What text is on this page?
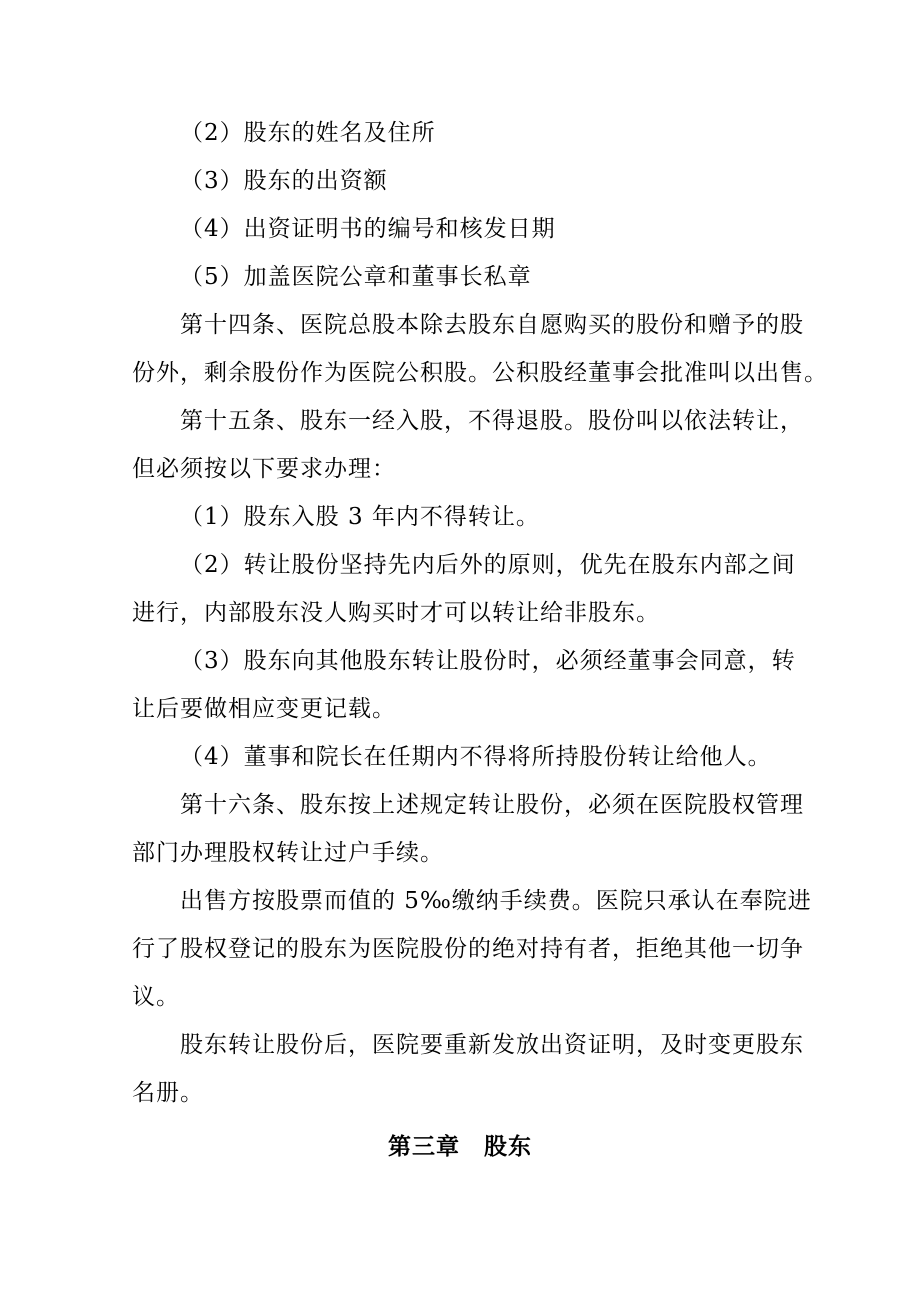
（2）股东的姓名及住所
（3）股东的出资额
（4）出资证明书的编号和核发日期
（5）加盖医院公章和董事长私章
第十四条、医院总股本除去股东自愿购买的股份和赠予的股
份外，剩余股份作为医院公积股。公积股经董事会批准叫以出售。
第十五条、股东一经入股，不得退股。股份叫以依法转让，
但必须按以下要求办理：
（1）股东入股 3 年内不得转让。
（2）转让股份坚持先内后外的原则，优先在股东内部之间
进行，内部股东没人购买时才可以转让给非股东。
（3）股东向其他股东转让股份时，必须经董事会同意，转
让后要做相应变更记载。
（4）董事和院长在任期内不得将所持股份转让给他人。
第十六条、股东按上述规定转让股份，必须在医院股权管理
部门办理股权转让过户手续。
出售方按股票而值的 5‰缴纳手续费。医院只承认在奉院进
行了股权登记的股东为医院股份的绝对持有者，拒绝其他一切争
议。
股东转让股份后，医院要重新发放出资证明，及时变更股东
名册。
第三章　股东
